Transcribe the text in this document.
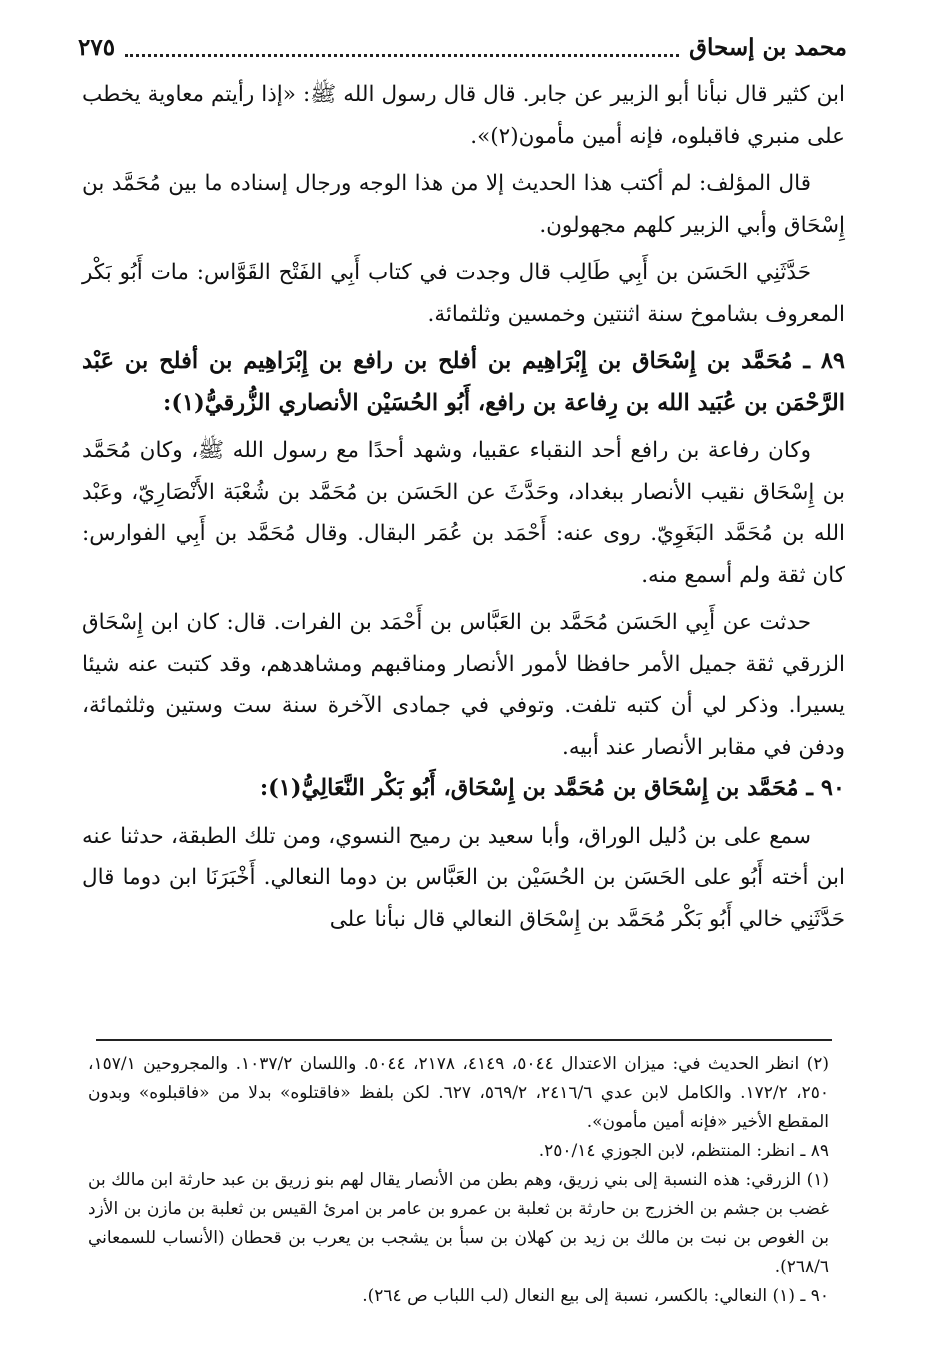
محمد بن إسحاق
٢٧٥

ابن كثير قال نبأنا أبو الزبير عن جابر. قال قال رسول الله ﷺ: «إذا رأيتم معاوية يخطب على منبري فاقبلوه، فإنه أمين مأمون(٢)».

قال المؤلف: لم أكتب هذا الحديث إلا من هذا الوجه ورجال إسناده ما بين مُحَمَّد بن إِسْحَاق وأبي الزبير كلهم مجهولون.

حَدَّثَنِي الحَسَن بن أَبِي طَالِب قال وجدت في كتاب أَبِي الفَتْح القَوَّاس: مات أَبُو بَكْر المعروف بشاموخ سنة اثنتين وخمسين وثلثمائة.

٨٩ ـ مُحَمَّد بن إِسْحَاق بن إِبْرَاهِيم بن أفلح بن رافع بن إِبْرَاهِيم بن أفلح بن عَبْد الرَّحْمَن بن عُبَيد الله بن رِفاعة بن رافع، أَبُو الحُسَيْن الأنصاري الزُّرقيُّ(١):

وكان رفاعة بن رافع أحد النقباء عقبيا، وشهد أحدًا مع رسول الله ﷺ، وكان مُحَمَّد بن إِسْحَاق نقيب الأنصار ببغداد، وحَدَّثَ عن الحَسَن بن مُحَمَّد بن شُعْبَة الأَنْصَارِيّ، وعَبْد الله بن مُحَمَّد البَغَوِيّ. روى عنه: أَحْمَد بن عُمَر البقال. وقال مُحَمَّد بن أَبِي الفوارس: كان ثقة ولم أسمع منه.

حدثت عن أَبِي الحَسَن مُحَمَّد بن العَبَّاس بن أَحْمَد بن الفرات. قال: كان ابن إِسْحَاق الزرقي ثقة جميل الأمر حافظا لأمور الأنصار ومناقبهم ومشاهدهم، وقد كتبت عنه شيئا يسيرا. وذكر لي أن كتبه تلفت. وتوفي في جمادى الآخرة سنة ست وستين وثلثمائة، ودفن في مقابر الأنصار عند أبيه.

٩٠ ـ مُحَمَّد بن إِسْحَاق بن مُحَمَّد بن إِسْحَاق، أَبُو بَكْر النَّعَالِيُّ(١):

سمع على بن دُليل الوراق، وأبا سعيد بن رميح النسوي، ومن تلك الطبقة، حدثنا عنه ابن أخته أَبُو على الحَسَن بن الحُسَيْن بن العَبَّاس بن دوما النعالي. أَخْبَرَنَا ابن دوما قال حَدَّثَنِي خالي أَبُو بَكْر مُحَمَّد بن إِسْحَاق النعالي قال نبأنا على

(٢) انظر الحديث في: ميزان الاعتدال ٥٠٤٤، ٤١٤٩، ٢١٧٨، ٥٠٤٤. واللسان ١٠٣٧/٢. والمجروحين ١٥٧/١، ٢٥٠، ١٧٢/٢. والكامل لابن عدي ٢٤١٦/٦، ٥٦٩/٢، ٦٢٧. لكن بلفظ «فاقتلوه» بدلا من «فاقبلوه» وبدون المقطع الأخير «فإنه أمين مأمون».

٨٩ ـ انظر: المنتظم، لابن الجوزي ٢٥٠/١٤.

(١) الزرقي: هذه النسبة إلى بني زريق، وهم بطن من الأنصار يقال لهم بنو زريق بن عبد حارثة ابن مالك بن غضب بن جشم بن الخزرج بن حارثة بن ثعلبة بن عمرو بن عامر بن امرئ القيس بن ثعلبة بن مازن بن الأزد بن الغوص بن نبت بن مالك بن زيد بن كهلان بن سبأ بن يشجب بن يعرب بن قحطان (الأنساب للسمعاني ٢٦٨/٦).

٩٠ ـ (١) النعالي: بالكسر، نسبة إلى بيع النعال (لب اللباب ص ٢٦٤).
